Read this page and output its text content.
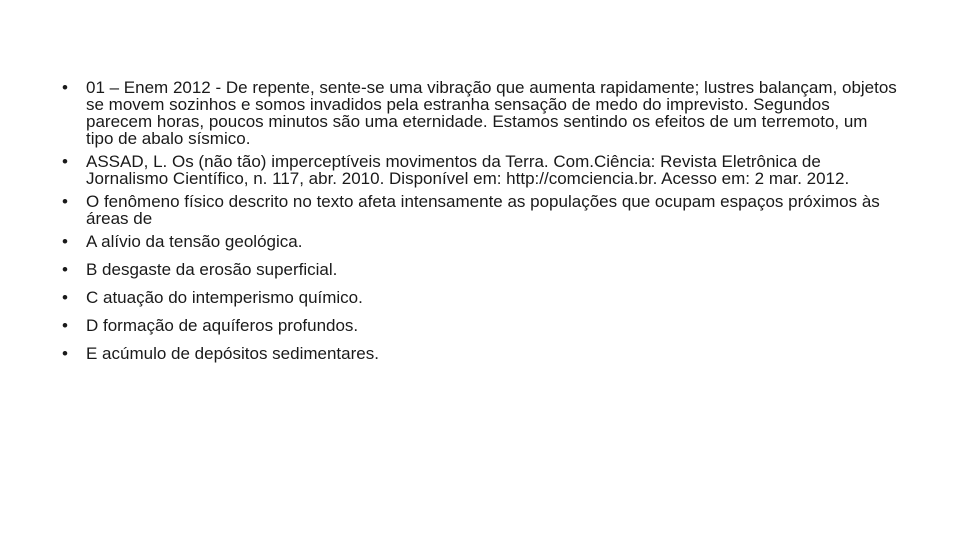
• 01 – Enem 2012 - De repente, sente-se uma vibração que aumenta rapidamente; lustres balançam, objetos se movem sozinhos e somos invadidos pela estranha sensação de medo do imprevisto. Segundos parecem horas, poucos minutos são uma eternidade. Estamos sentindo os efeitos de um terremoto, um tipo de abalo sísmico.
• ASSAD, L. Os (não tão) imperceptíveis movimentos da Terra. Com.Ciência: Revista Eletrônica de Jornalismo Científico, n. 117, abr. 2010. Disponível em: http://comciencia.br. Acesso em: 2 mar. 2012.
• O fenômeno físico descrito no texto afeta intensamente as populações que ocupam espaços próximos às áreas de
• A alívio da tensão geológica.
• B desgaste da erosão superficial.
• C atuação do intemperismo químico.
• D formação de aquíferos profundos.
• E acúmulo de depósitos sedimentares.
